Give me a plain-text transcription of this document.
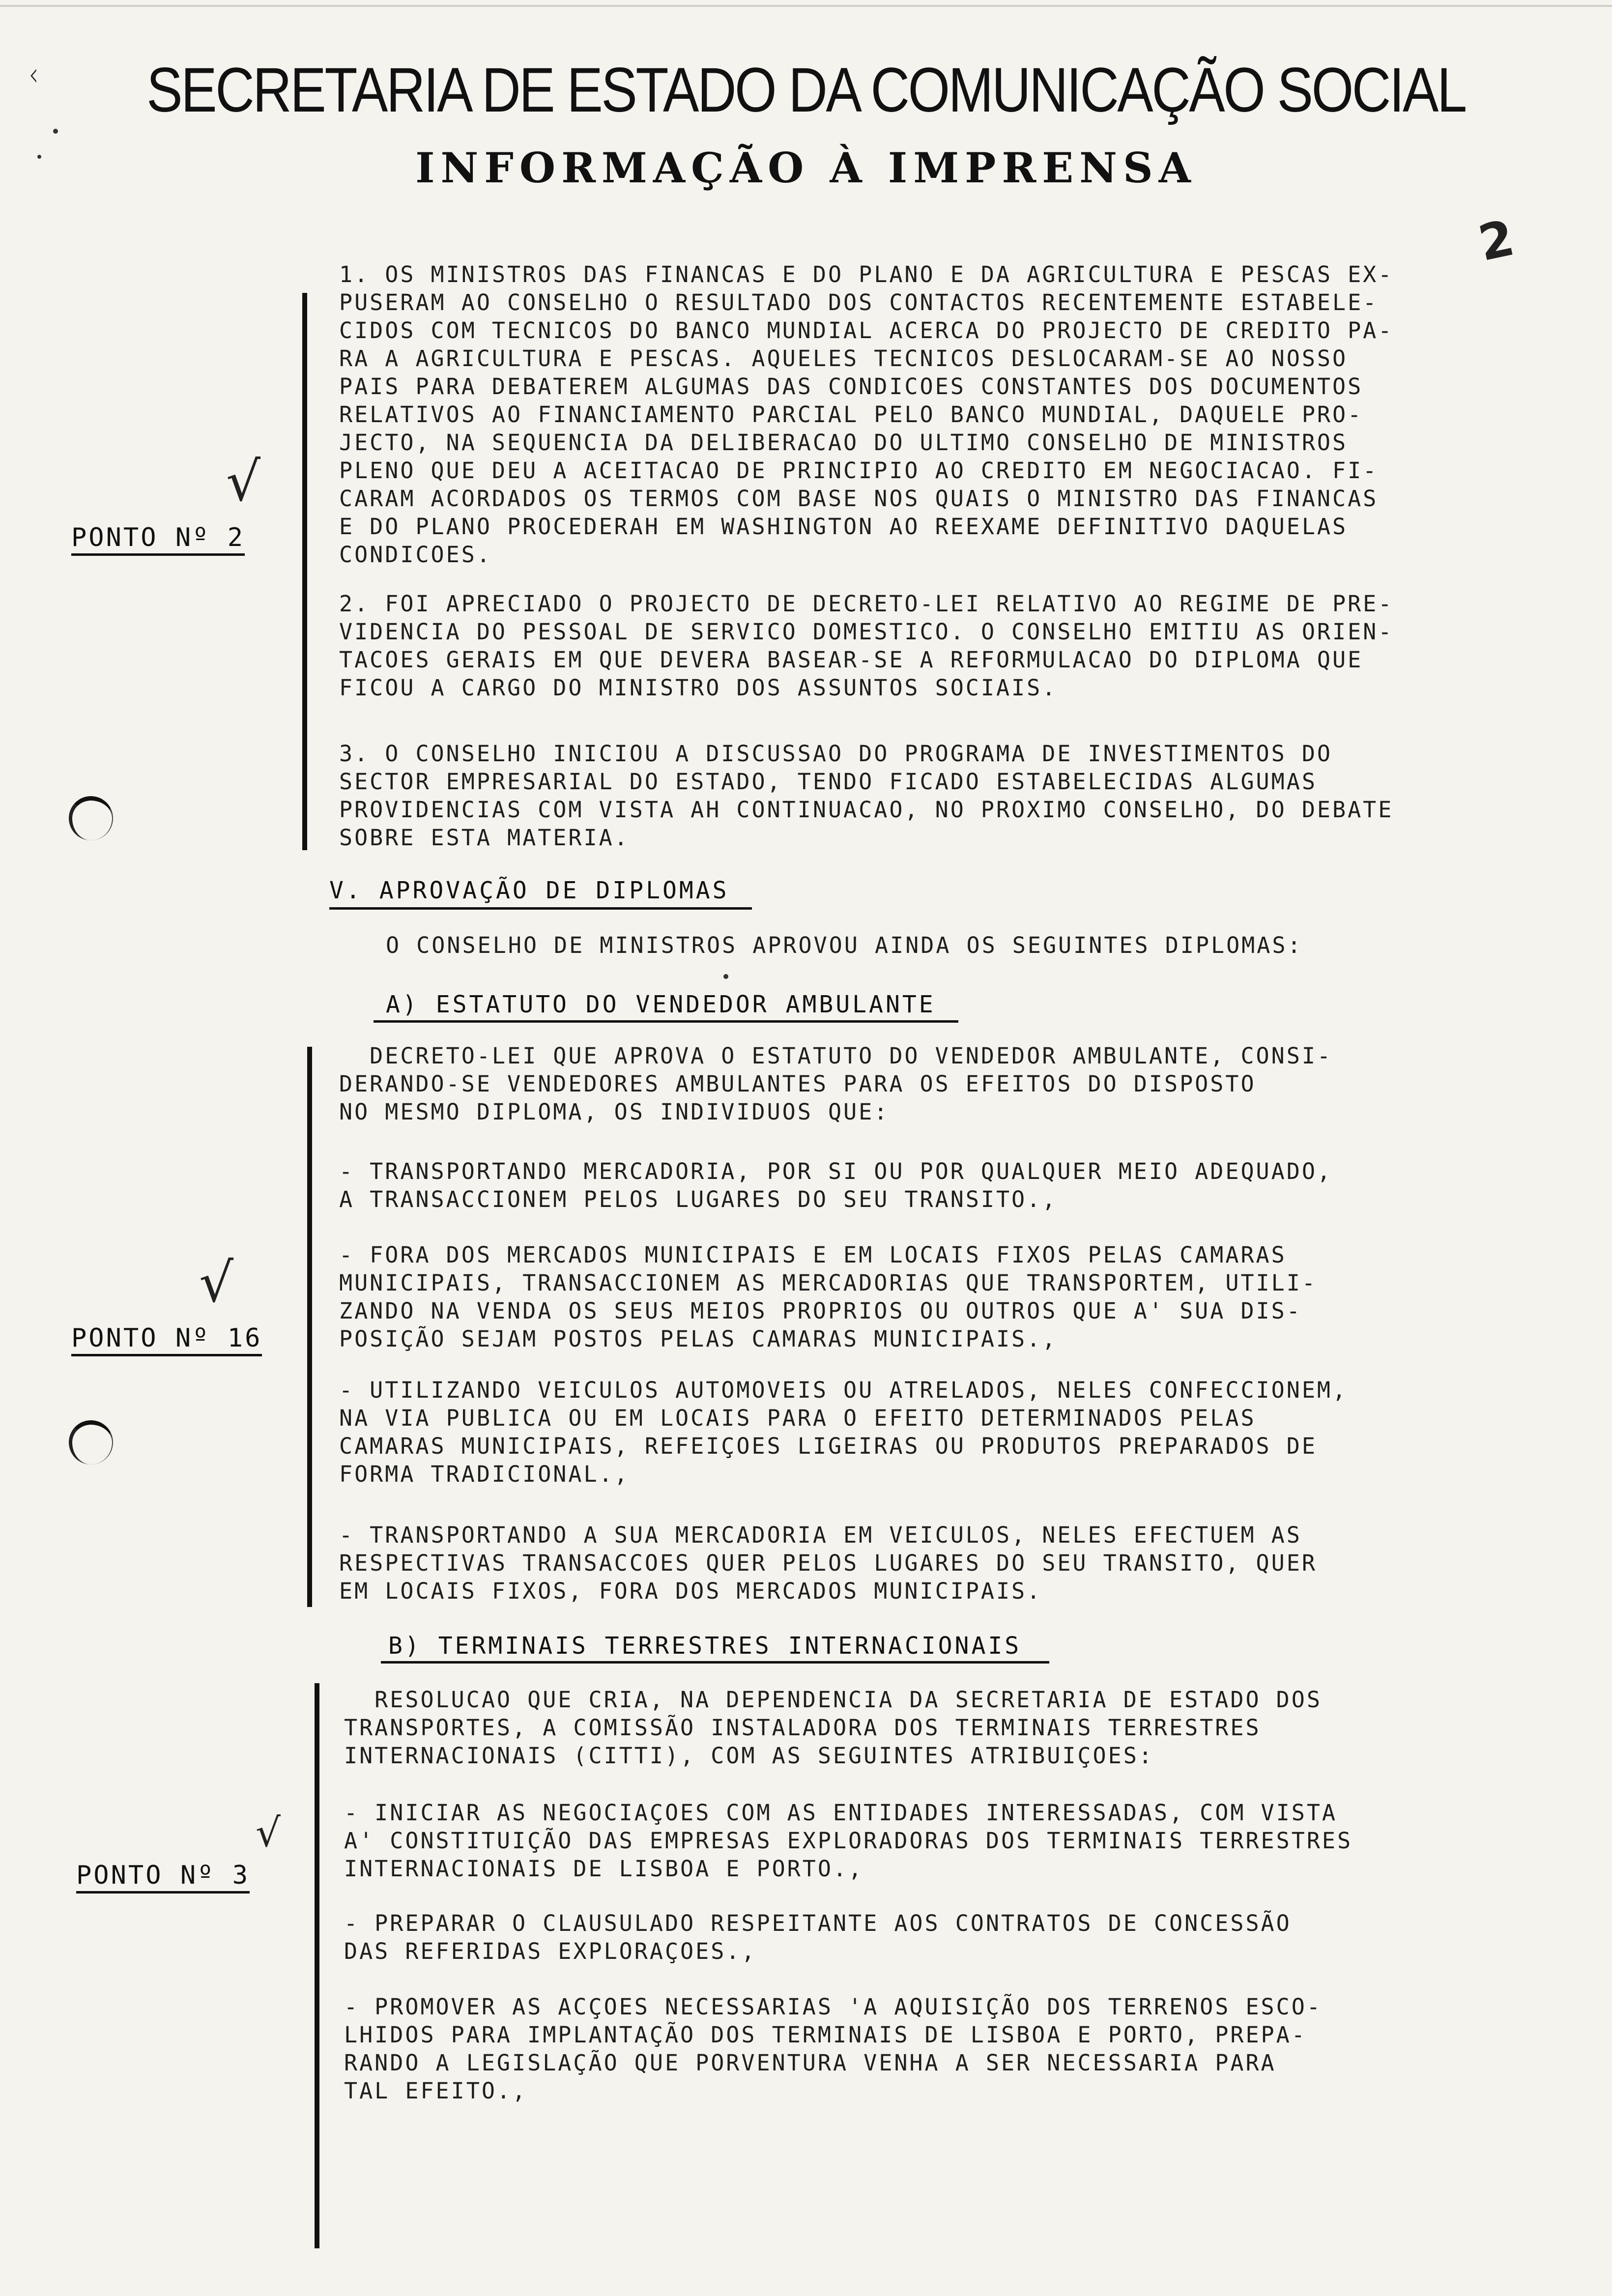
ᚲ	SECRETARIA DE ESTADO DA COMUNICAÇÃO SOCIAL
INFORMAÇÃO À IMPRENSA
2
√
PONTO Nº 2
1. OS MINISTROS DAS FINANCAS E DO PLANO E DA AGRICULTURA E PESCAS EX-
PUSERAM AO CONSELHO O RESULTADO DOS CONTACTOS RECENTEMENTE ESTABELE-
CIDOS COM TECNICOS DO BANCO MUNDIAL ACERCA DO PROJECTO DE CREDITO PA-
RA A AGRICULTURA E PESCAS. AQUELES TECNICOS DESLOCARAM-SE AO NOSSO
PAIS PARA DEBATEREM ALGUMAS DAS CONDICOES CONSTANTES DOS DOCUMENTOS
RELATIVOS AO FINANCIAMENTO PARCIAL PELO BANCO MUNDIAL, DAQUELE PRO-
JECTO, NA SEQUENCIA DA DELIBERACAO DO ULTIMO CONSELHO DE MINISTROS
PLENO QUE DEU A ACEITACAO DE PRINCIPIO AO CREDITO EM NEGOCIACAO. FI-
CARAM ACORDADOS OS TERMOS COM BASE NOS QUAIS O MINISTRO DAS FINANCAS
E DO PLANO PROCEDERAH EM WASHINGTON AO REEXAME DEFINITIVO DAQUELAS
CONDICOES.
2. FOI APRECIADO O PROJECTO DE DECRETO-LEI RELATIVO AO REGIME DE PRE-
VIDENCIA DO PESSOAL DE SERVICO DOMESTICO. O CONSELHO EMITIU AS ORIEN-
TACOES GERAIS EM QUE DEVERA BASEAR-SE A REFORMULACAO DO DIPLOMA QUE
FICOU A CARGO DO MINISTRO DOS ASSUNTOS SOCIAIS.
3. O CONSELHO INICIOU A DISCUSSAO DO PROGRAMA DE INVESTIMENTOS DO
SECTOR EMPRESARIAL DO ESTADO, TENDO FICADO ESTABELECIDAS ALGUMAS
PROVIDENCIAS COM VISTA AH CONTINUACAO, NO PROXIMO CONSELHO, DO DEBATE
SOBRE ESTA MATERIA.
V. APROVAÇÃO DE DIPLOMAS
O CONSELHO DE MINISTROS APROVOU AINDA OS SEGUINTES DIPLOMAS:
A) ESTATUTO DO VENDEDOR AMBULANTE
√
PONTO Nº 16
DECRETO-LEI QUE APROVA O ESTATUTO DO VENDEDOR AMBULANTE, CONSI-
DERANDO-SE VENDEDORES AMBULANTES PARA OS EFEITOS DO DISPOSTO
NO MESMO DIPLOMA, OS INDIVIDUOS QUE:
- TRANSPORTANDO MERCADORIA, POR SI OU POR QUALQUER MEIO ADEQUADO,
A TRANSACCIONEM PELOS LUGARES DO SEU TRANSITO.,
- FORA DOS MERCADOS MUNICIPAIS E EM LOCAIS FIXOS PELAS CAMARAS
MUNICIPAIS, TRANSACCIONEM AS MERCADORIAS QUE TRANSPORTEM, UTILI-
ZANDO NA VENDA OS SEUS MEIOS PROPRIOS OU OUTROS QUE A' SUA DIS-
POSIÇÃO SEJAM POSTOS PELAS CAMARAS MUNICIPAIS.,
- UTILIZANDO VEICULOS AUTOMOVEIS OU ATRELADOS, NELES CONFECCIONEM,
NA VIA PUBLICA OU EM LOCAIS PARA O EFEITO DETERMINADOS PELAS
CAMARAS MUNICIPAIS, REFEIÇOES LIGEIRAS OU PRODUTOS PREPARADOS DE
FORMA TRADICIONAL.,
- TRANSPORTANDO A SUA MERCADORIA EM VEICULOS, NELES EFECTUEM AS
RESPECTIVAS TRANSACCOES QUER PELOS LUGARES DO SEU TRANSITO, QUER
EM LOCAIS FIXOS, FORA DOS MERCADOS MUNICIPAIS.
B) TERMINAIS TERRESTRES INTERNACIONAIS
√
PONTO Nº 3
RESOLUCAO QUE CRIA, NA DEPENDENCIA DA SECRETARIA DE ESTADO DOS
TRANSPORTES, A COMISSÃO INSTALADORA DOS TERMINAIS TERRESTRES
INTERNACIONAIS (CITTI), COM AS SEGUINTES ATRIBUIÇOES:
- INICIAR AS NEGOCIAÇOES COM AS ENTIDADES INTERESSADAS, COM VISTA
A' CONSTITUIÇÃO DAS EMPRESAS EXPLORADORAS DOS TERMINAIS TERRESTRES
INTERNACIONAIS DE LISBOA E PORTO.,
- PREPARAR O CLAUSULADO RESPEITANTE AOS CONTRATOS DE CONCESSÃO
DAS REFERIDAS EXPLORAÇOES.,
- PROMOVER AS ACÇOES NECESSARIAS 'A AQUISIÇÃO DOS TERRENOS ESCO-
LHIDOS PARA IMPLANTAÇÃO DOS TERMINAIS DE LISBOA E PORTO, PREPA-
RANDO A LEGISLAÇÃO QUE PORVENTURA VENHA A SER NECESSARIA PARA
TAL EFEITO.,
